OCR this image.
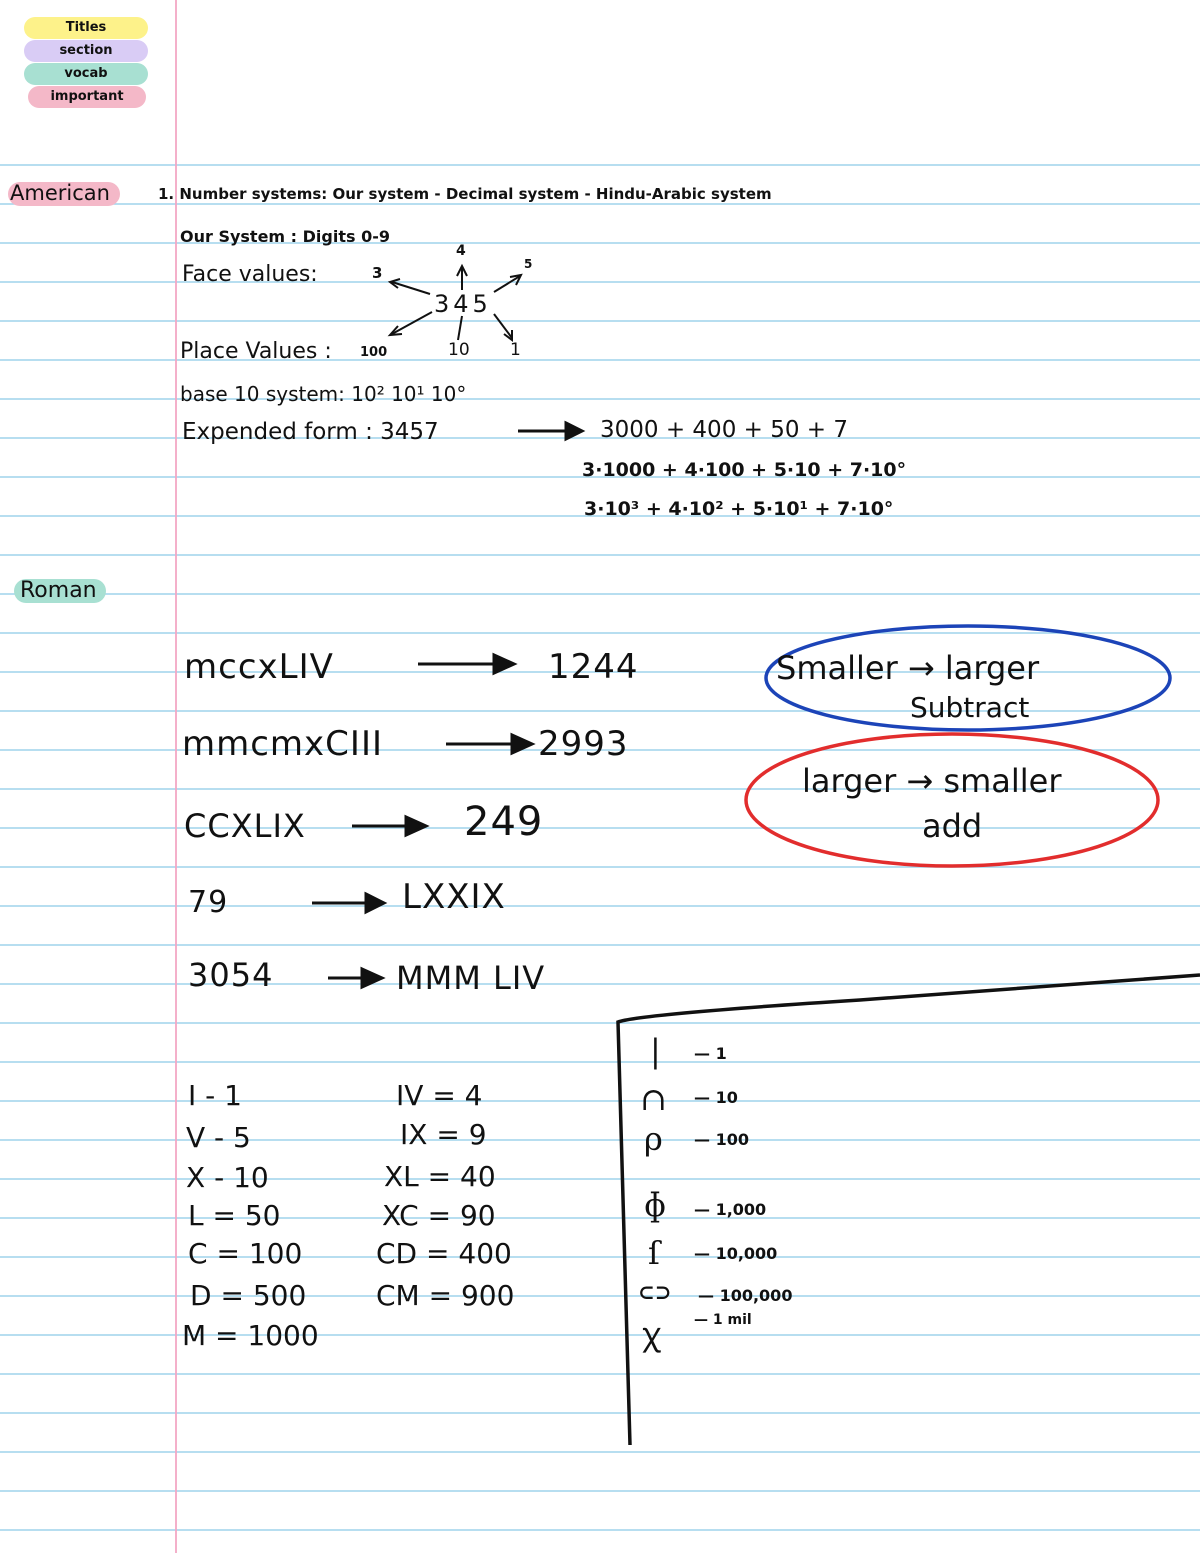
Titles
section
vocab
important
American
Roman
1. Number systems: Our system - Decimal system - Hindu-Arabic system
Our System : Digits 0-9
Face values:	3
4
5
345
Place Values : 100	10 1
base 10 system: 10² 10¹ 10°
Expended form : 3457	3000 + 400 + 50 + 7
3·1000 + 4·100 + 5·10 + 7·10°
3·10³ + 4·10² + 5·10¹ + 7·10°
mccxLIV	1244
mmcmxCIII	2993
CCXLIX	249
79	LXXIX
3054	MMM LIV
Smaller → larger
Subtract
larger → smaller
add
I - 1
V - 5
X - 10
L = 50
C = 100
D = 500
M = 1000
IV = 4
IX = 9
XL = 40
XC = 90
CD = 400
CM = 900
| — 1
∩ — 10
ρ — 100
ɸ — 1,000
ſ — 10,000
⊂⊃ — 100,000
ꭓ — 1 mil
